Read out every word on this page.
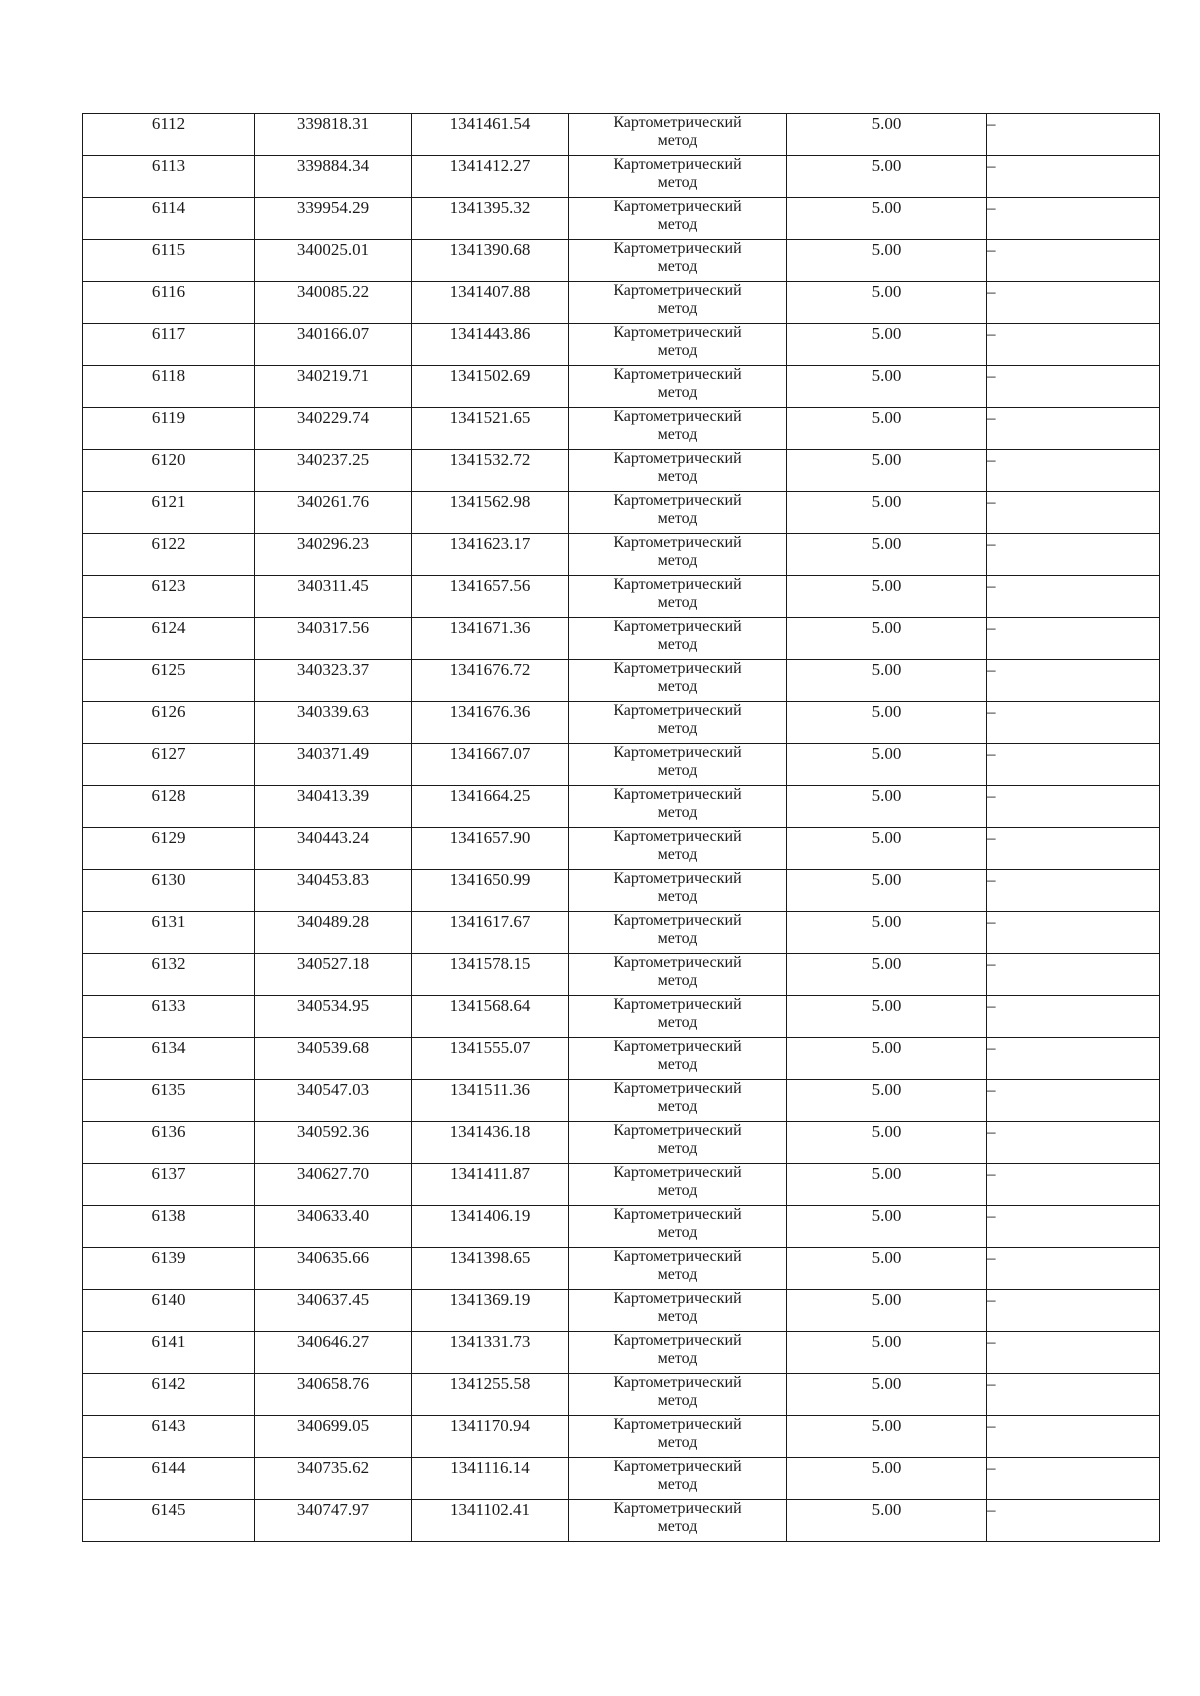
6112	339818.31	1341461.54	Картометрический
метод	5.00	–

6113	339884.34	1341412.27	Картометрический
метод	5.00	–

6114	339954.29	1341395.32	Картометрический
метод	5.00	–

6115	340025.01	1341390.68	Картометрический
метод	5.00	–

6116	340085.22	1341407.88	Картометрический
метод	5.00	–

6117	340166.07	1341443.86	Картометрический
метод	5.00	–

6118	340219.71	1341502.69	Картометрический
метод	5.00	–

6119	340229.74	1341521.65	Картометрический
метод	5.00	–

6120	340237.25	1341532.72	Картометрический
метод	5.00	–

6121	340261.76	1341562.98	Картометрический
метод	5.00	–

6122	340296.23	1341623.17	Картометрический
метод	5.00	–

6123	340311.45	1341657.56	Картометрический
метод	5.00	–

6124	340317.56	1341671.36	Картометрический
метод	5.00	–

6125	340323.37	1341676.72	Картометрический
метод	5.00	–

6126	340339.63	1341676.36	Картометрический
метод	5.00	–

6127	340371.49	1341667.07	Картометрический
метод	5.00	–

6128	340413.39	1341664.25	Картометрический
метод	5.00	–

6129	340443.24	1341657.90	Картометрический
метод	5.00	–

6130	340453.83	1341650.99	Картометрический
метод	5.00	–

6131	340489.28	1341617.67	Картометрический
метод	5.00	–

6132	340527.18	1341578.15	Картометрический
метод	5.00	–

6133	340534.95	1341568.64	Картометрический
метод	5.00	–

6134	340539.68	1341555.07	Картометрический
метод	5.00	–

6135	340547.03	1341511.36	Картометрический
метод	5.00	–

6136	340592.36	1341436.18	Картометрический
метод	5.00	–

6137	340627.70	1341411.87	Картометрический
метод	5.00	–

6138	340633.40	1341406.19	Картометрический
метод	5.00	–

6139	340635.66	1341398.65	Картометрический
метод	5.00	–

6140	340637.45	1341369.19	Картометрический
метод	5.00	–

6141	340646.27	1341331.73	Картометрический
метод	5.00	–

6142	340658.76	1341255.58	Картометрический
метод	5.00	–

6143	340699.05	1341170.94	Картометрический
метод	5.00	–

6144	340735.62	1341116.14	Картометрический
метод	5.00	–

6145	340747.97	1341102.41	Картометрический
метод	5.00	–
